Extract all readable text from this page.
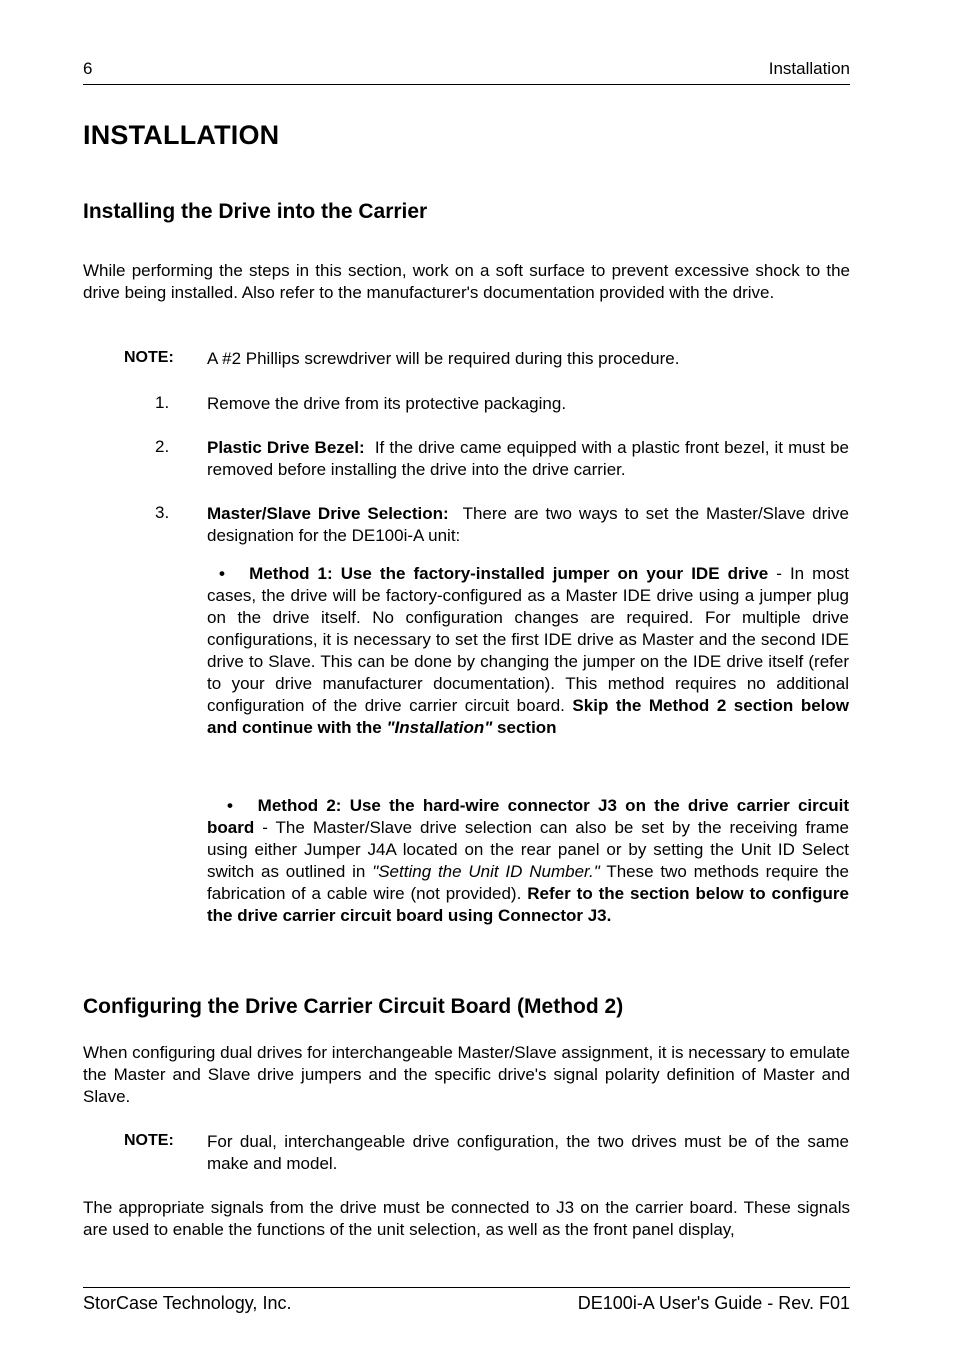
6	Installation
INSTALLATION
Installing the Drive into the Carrier
While performing the steps in this section, work on a soft surface to prevent excessive shock to the drive being installed. Also refer to the manufacturer's documentation provided with the drive.
NOTE: A #2 Phillips screwdriver will be required during this procedure.
1. Remove the drive from its protective packaging.
2. Plastic Drive Bezel: If the drive came equipped with a plastic front bezel, it must be removed before installing the drive into the drive carrier.
3. Master/Slave Drive Selection: There are two ways to set the Master/Slave drive designation for the DE100i-A unit:
• Method 1: Use the factory-installed jumper on your IDE drive - In most cases, the drive will be factory-configured as a Master IDE drive using a jumper plug on the drive itself. No configuration changes are required. For multiple drive configurations, it is necessary to set the first IDE drive as Master and the second IDE drive to Slave. This can be done by changing the jumper on the IDE drive itself (refer to your drive manufacturer documentation). This method requires no additional configuration of the drive carrier circuit board. Skip the Method 2 section below and continue with the "Installation" section
• Method 2: Use the hard-wire connector J3 on the drive carrier circuit board - The Master/Slave drive selection can also be set by the receiving frame using either Jumper J4A located on the rear panel or by setting the Unit ID Select switch as outlined in "Setting the Unit ID Number." These two methods require the fabrication of a cable wire (not provided). Refer to the section below to configure the drive carrier circuit board using Connector J3.
Configuring the Drive Carrier Circuit Board (Method 2)
When configuring dual drives for interchangeable Master/Slave assignment, it is necessary to emulate the Master and Slave drive jumpers and the specific drive's signal polarity definition of Master and Slave.
NOTE: For dual, interchangeable drive configuration, the two drives must be of the same make and model.
The appropriate signals from the drive must be connected to J3 on the carrier board. These signals are used to enable the functions of the unit selection, as well as the front panel display,
StorCase Technology, Inc.	DE100i-A User's Guide - Rev. F01
